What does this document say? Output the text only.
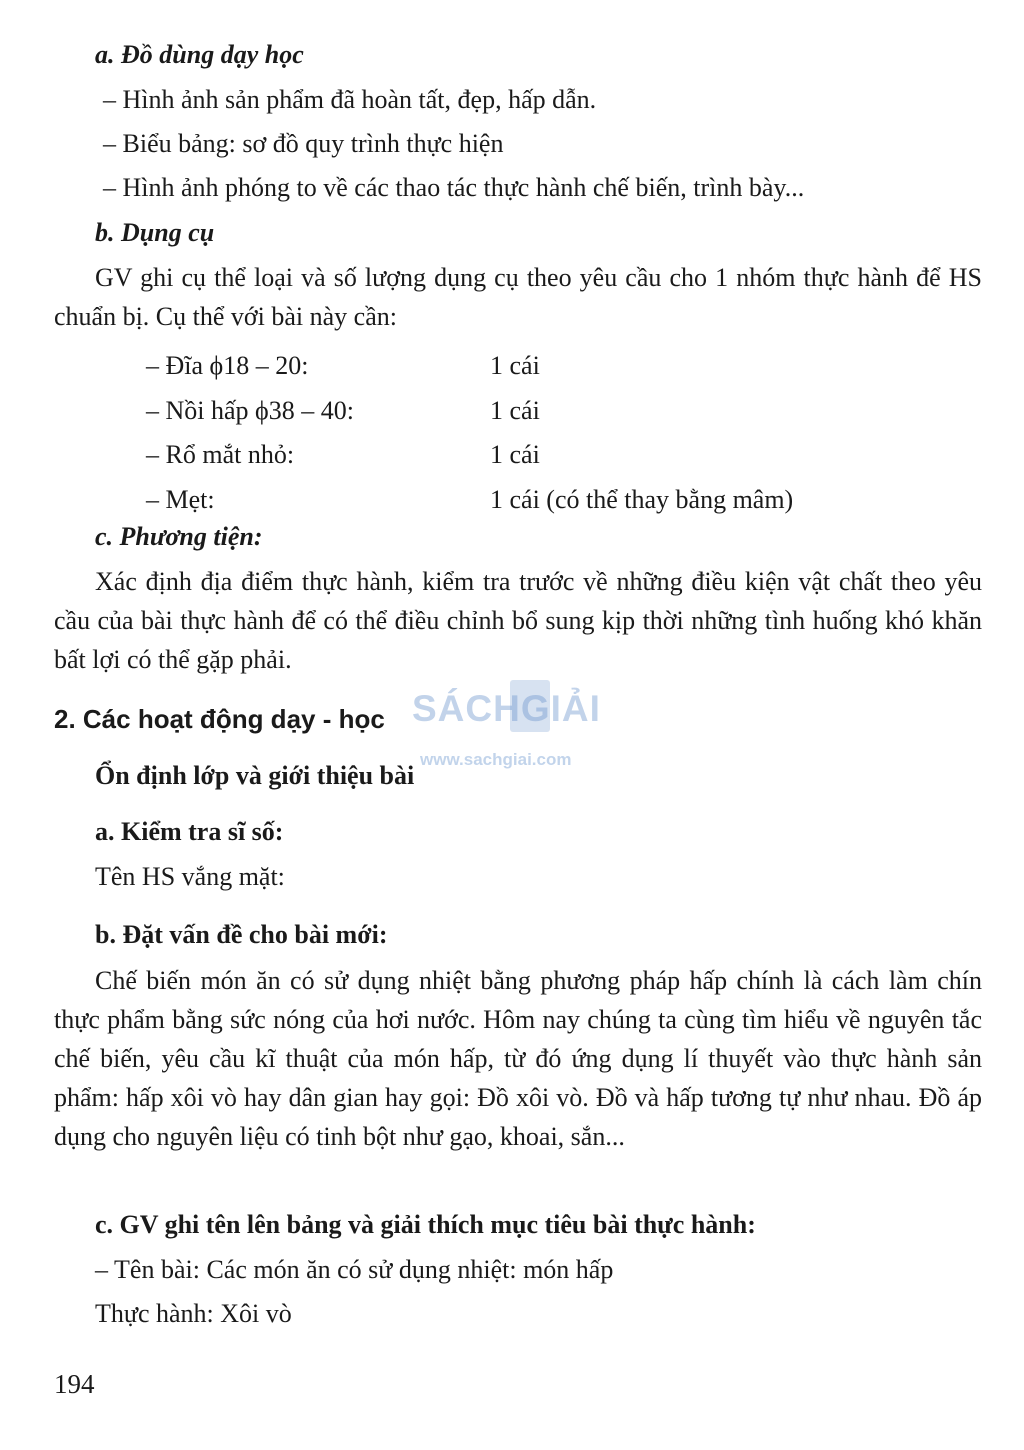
a. Đồ dùng dạy học
– Hình ảnh sản phẩm đã hoàn tất, đẹp, hấp dẫn.
– Biểu bảng: sơ đồ quy trình thực hiện
– Hình ảnh phóng to về các thao tác thực hành chế biến, trình bày...
b. Dụng cụ
GV ghi cụ thể loại và số lượng dụng cụ theo yêu cầu cho 1 nhóm thực hành để HS chuẩn bị. Cụ thể với bài này cần:
– Đĩa ϕ18 – 20:	1 cái
– Nồi hấp ϕ38 – 40:	1 cái
– Rổ mắt nhỏ:	1 cái
– Mẹt:	1 cái (có thể thay bằng mâm)
c. Phương tiện:
Xác định địa điểm thực hành, kiểm tra trước về những điều kiện vật chất theo yêu cầu của bài thực hành để có thể điều chỉnh bổ sung kịp thời những tình huống khó khăn bất lợi có thể gặp phải.
2. Các hoạt động dạy - học SÁCHGIẢI
www.sachgiai.com
Ổn định lớp và giới thiệu bài
a. Kiểm tra sĩ số:
Tên HS vắng mặt:
b. Đặt vấn đề cho bài mới:
Chế biến món ăn có sử dụng nhiệt bằng phương pháp hấp chính là cách làm chín thực phẩm bằng sức nóng của hơi nước. Hôm nay chúng ta cùng tìm hiểu về nguyên tắc chế biến, yêu cầu kĩ thuật của món hấp, từ đó ứng dụng lí thuyết vào thực hành sản phẩm: hấp xôi vò hay dân gian hay gọi: Đồ xôi vò. Đồ và hấp tương tự như nhau. Đồ áp dụng cho nguyên liệu có tinh bột như gạo, khoai, sắn...
c. GV ghi tên lên bảng và giải thích mục tiêu bài thực hành:
– Tên bài: Các món ăn có sử dụng nhiệt: món hấp
Thực hành: Xôi vò
194
